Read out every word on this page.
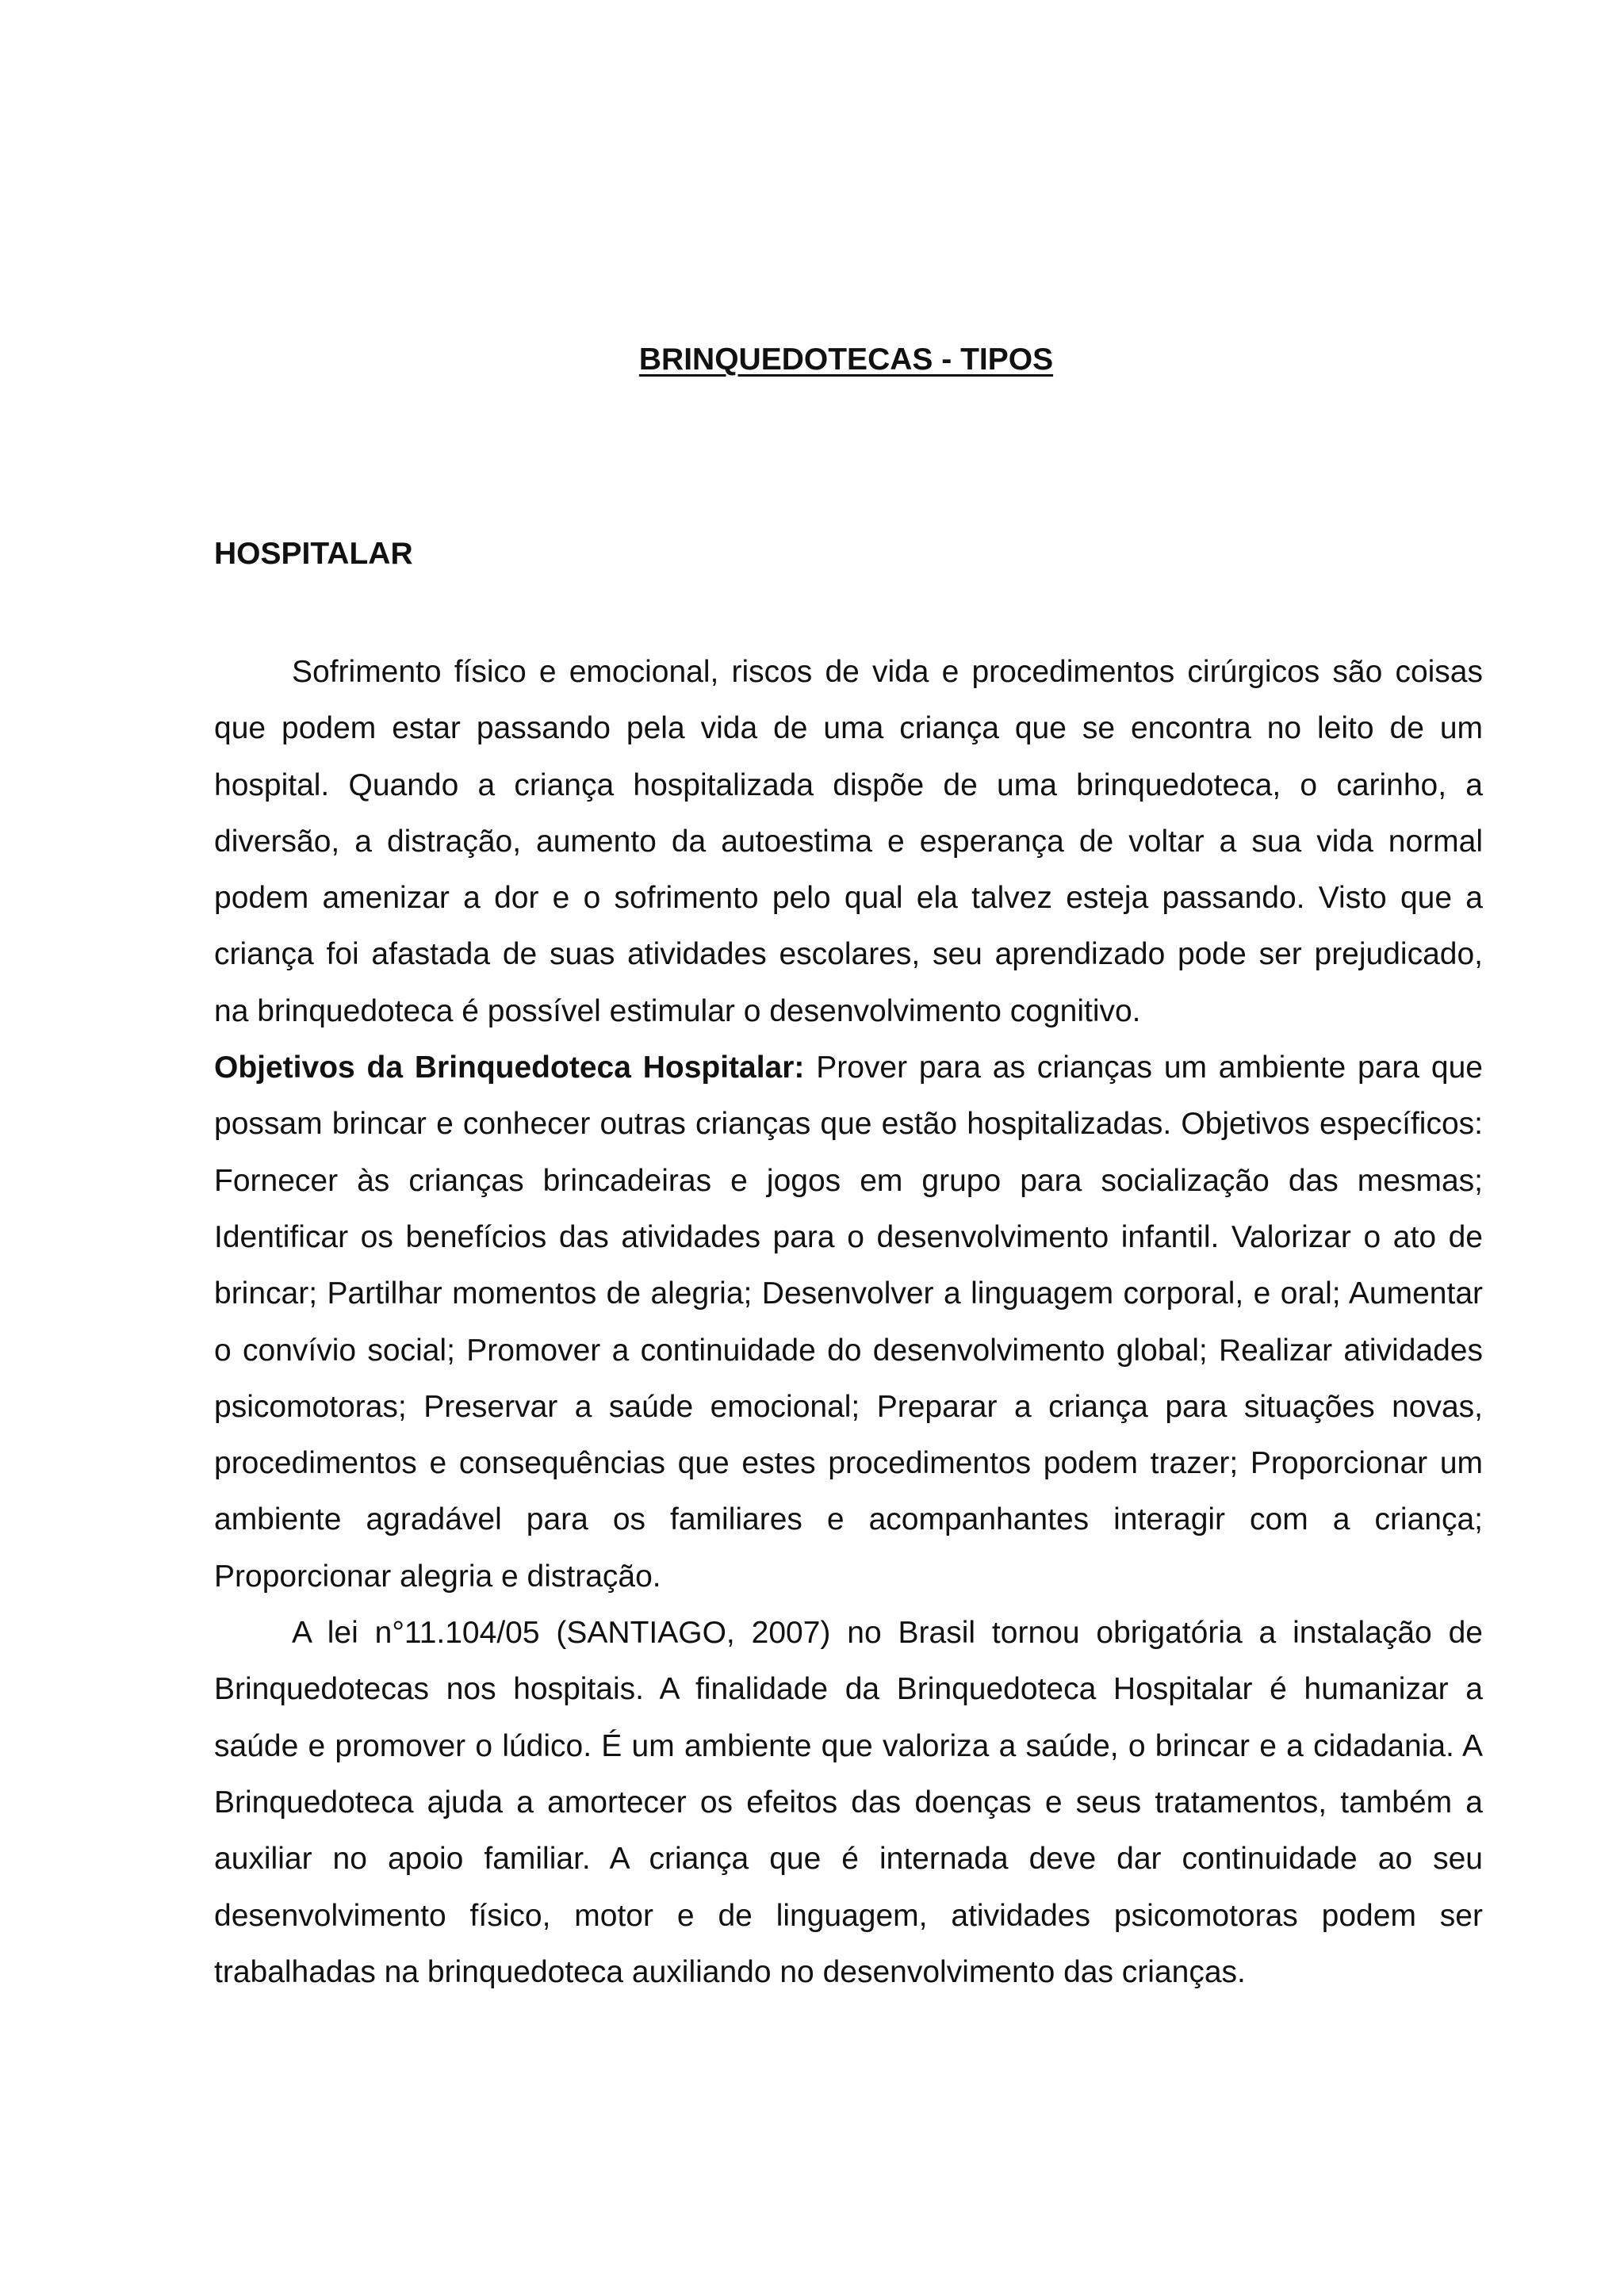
BRINQUEDOTECAS - TIPOS
HOSPITALAR

Sofrimento físico e emocional, riscos de vida e procedimentos cirúrgicos são coisas que podem estar passando pela vida de uma criança que se encontra no leito de um hospital. Quando a criança hospitalizada dispõe de uma brinquedoteca, o carinho, a diversão, a distração, aumento da autoestima e esperança de voltar a sua vida normal podem amenizar a dor e o sofrimento pelo qual ela talvez esteja passando. Visto que a criança foi afastada de suas atividades escolares, seu aprendizado pode ser prejudicado, na brinquedoteca é possível estimular o desenvolvimento cognitivo.

Objetivos da Brinquedoteca Hospitalar: Prover para as crianças um ambiente para que possam brincar e conhecer outras crianças que estão hospitalizadas. Objetivos específicos: Fornecer às crianças brincadeiras e jogos em grupo para socialização das mesmas; Identificar os benefícios das atividades para o desenvolvimento infantil. Valorizar o ato de brincar; Partilhar momentos de alegria; Desenvolver a linguagem corporal, e oral; Aumentar o convívio social; Promover a continuidade do desenvolvimento global; Realizar atividades psicomotoras; Preservar a saúde emocional; Preparar a criança para situações novas, procedimentos e consequências que estes procedimentos podem trazer; Proporcionar um ambiente agradável para os familiares e acompanhantes interagir com a criança; Proporcionar alegria e distração.

A lei n°11.104/05 (SANTIAGO, 2007) no Brasil tornou obrigatória a instalação de Brinquedotecas nos hospitais. A finalidade da Brinquedoteca Hospitalar é humanizar a saúde e promover o lúdico. É um ambiente que valoriza a saúde, o brincar e a cidadania. A Brinquedoteca ajuda a amortecer os efeitos das doenças e seus tratamentos, também a auxiliar no apoio familiar. A criança que é internada deve dar continuidade ao seu desenvolvimento físico, motor e de linguagem, atividades psicomotoras podem ser trabalhadas na brinquedoteca auxiliando no desenvolvimento das crianças.
